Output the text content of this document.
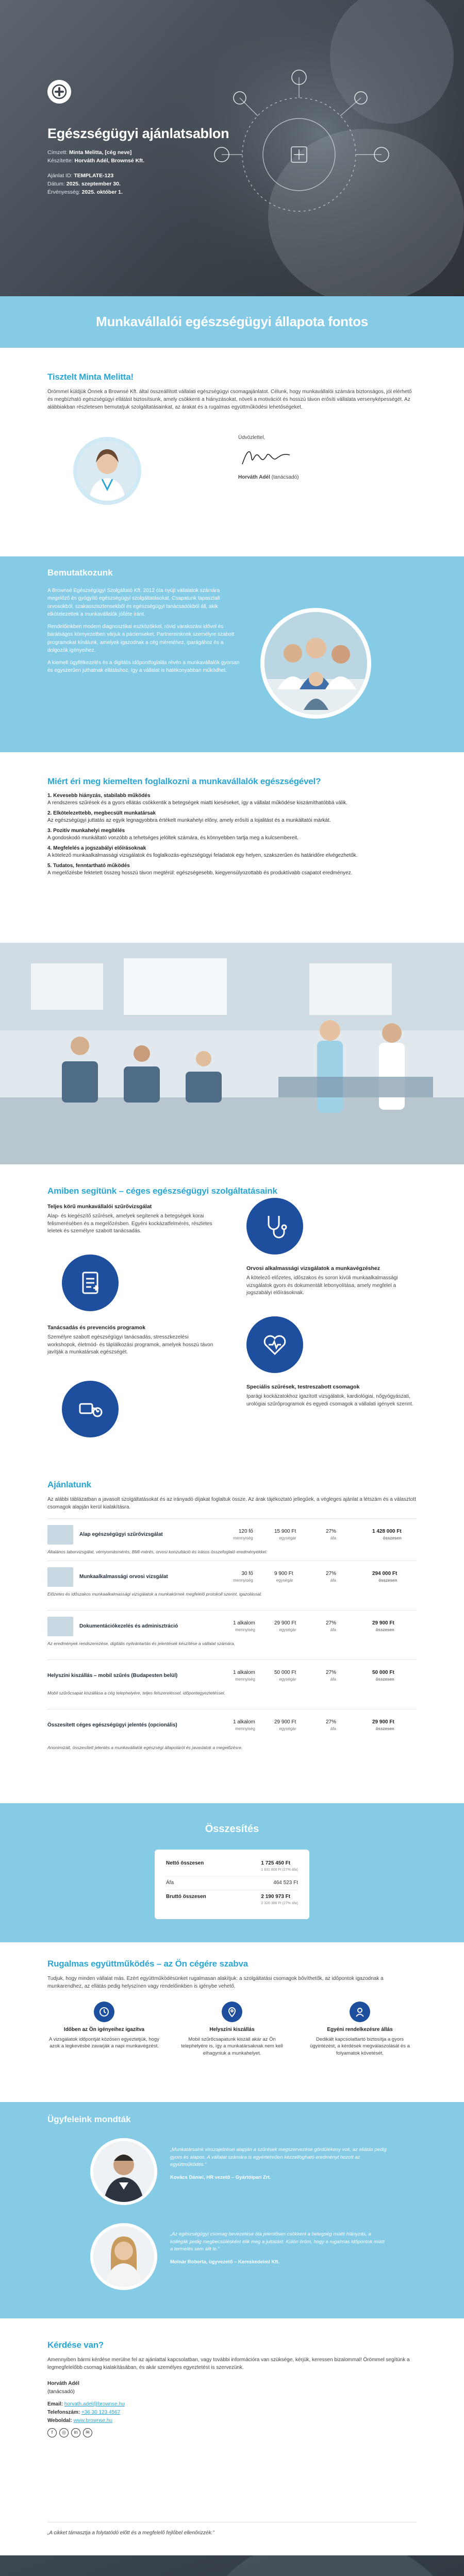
Egészségügyi ajánlatsablon
Címzett: Minta Melitta, [cég neve]
Készítette: Horváth Adél, Brownsé Kft.
Ajánlat ID: TEMPLATE-123
Dátum: 2025. szeptember 30.
Érvényesség: 2025. október 1.
Munkavállalói egészségügyi állapota fontos
Tisztelt Minta Melitta!

Örömmel küldjük Önnek a Brownsé Kft. által összeállított vállalati egészségügyi csomagajánlatot. Célunk, hogy munkavállalói számára biztonságos, jól elérhető és megbízható egészségügyi ellátást biztosítsunk, amely csökkenti a hiányzásokat, növeli a motivációt és hosszú távon erősíti vállalata versenyképességét. Az alábbiakban részletesen bemutatjuk szolgáltatásainkat, az árakat és a rugalmas együttműködési lehetőségeket.

Üdvözlettel,
Horváth Adél (tanácsadó)
Bemutatkozunk

A Brownsé Egészségügyi Szolgáltató Kft. 2012 óta nyújt vállalatok számára megelőző és gyógyító egészségügyi szolgáltatásokat. Csapatunk tapasztalt orvosokból, szakasszisztensekből és egészségügyi tanácsadókból áll, akik elkötelezettek a munkavállalók jólléte iránt.

Rendelőinkben modern diagnosztikai eszközökkel, rövid várakozási idővel és barátságos környezetben várjuk a pácienseket. Partnereinknek személyre szabott programokat kínálunk, amelyek igazodnak a cég méretéhez, iparágához és a dolgozók igényeihez.

A kiemelt ügyfélkezelés és a digitális időpontfoglalás révén a munkavállalók gyorsan és egyszerűen juthatnak ellátáshoz, így a vállalat is hatékonyabban működhet.

Miért éri meg kiemelten foglalkozni a munkavállalók egészségével?
1. Kevesebb hiányzás, stabilabb működés
A rendszeres szűrések és a gyors ellátás csökkentik a betegségek miatti kieséseket, így a vállalat működése kiszámíthatóbbá válik.
2. Elkötelezettebb, megbecsült munkatársak
Az egészségügyi juttatás az egyik legnagyobbra értékelt munkahelyi előny, amely erősíti a lojalitást és a munkáltatói márkát.
3. Pozitív munkahelyi megítélés
A gondoskodó munkáltató vonzóbb a tehetséges jelöltek számára, és könnyebben tartja meg a kulcsembereit.
4. Megfelelés a jogszabályi előírásoknak
A kötelező munkaalkalmassági vizsgálatok és foglalkozás-egészségügyi feladatok egy helyen, szakszerűen és határidőre elvégezhetők.
5. Tudatos, fenntartható működés
A megelőzésbe fektetett összeg hosszú távon megtérül: egészségesebb, kiegyensúlyozottabb és produktívabb csapatot eredményez.
Amiben segítünk – céges egészségügyi szolgáltatásaink
Teljes körű munkavállalói szűrővizsgálat

Alap- és kiegészítő szűrések, amelyek segítenek a betegségek korai felismerésében és a megelőzésben. Egyéni kockázatfelmérés, részletes leletek és személyre szabott tanácsadás.

Orvosi alkalmassági vizsgálatok a munkavégzéshez

A kötelező előzetes, időszakos és soron kívüli munkaalkalmassági vizsgálatok gyors és dokumentált lebonyolítása, amely megfelel a jogszabályi előírásoknak.

Tanácsadás és prevenciós programok

Személyre szabott egészségügyi tanácsadás, stresszkezelési workshopok, életmód- és táplálkozási programok, amelyek hosszú távon javítják a munkatársak egészségét.

Speciális szűrések, testreszabott csomagok

Iparági kockázatokhoz igazított vizsgálatok, kardiológiai, nőgyógyászati, urológiai szűrőprogramok és egyedi csomagok a vállalati igények szerint.

Ajánlatunk

Az alábbi táblázatban a javasolt szolgáltatásokat és az irányadó díjakat foglaltuk össze. Az árak tájékoztató jellegűek, a végleges ajánlat a létszám és a választott csomagok alapján kerül kialakításra.

Alap egészségügyi szűrővizsgálat
120 fő
mennyiség
15 900 Ft
egységár
27%
áfa
1 428 000 Ft
összesen
Általános laborvizsgálat, vérnyomásmérés, BMI-mérés, orvosi konzultáció és írásos összefoglaló eredményekkel.
Munkaalkalmassági orvosi vizsgálat
30 fő
mennyiség
9 900 Ft
egységár
27%
áfa
294 000 Ft
összesen
Előzetes és időszakos munkaalkalmassági vizsgálatok a munkakörnek megfelelő protokoll szerint, igazolással.
Dokumentációkezelés és adminisztráció
1 alkalom
mennyiség
29 900 Ft
egységár
27%
áfa
29 900 Ft
összesen
Az eredmények rendszerezése, digitális nyilvántartás és jelentések készítése a vállalat számára.
Helyszíni kiszállás – mobil szűrés (Budapesten belül)
1 alkalom
mennyiség
50 000 Ft
egységár
27%
áfa
50 000 Ft
összesen
Mobil szűrőcsapat kiszállása a cég telephelyére, teljes felszereléssel, időpontegyeztetéssel.
Összesített céges egészségügyi jelentés (opcionális)
1 alkalom
mennyiség
29 900 Ft
egységár
27%
áfa
29 900 Ft
összesen
Anonimizált, összesített jelentés a munkavállalók egészségi állapotáról és javaslatok a megelőzésre.
Összesítés
Nettó összesen	1 725 450 Ft
1 831 800 Ft (27% áfa)
Áfa	464 523 Ft
Bruttó összesen	2 190 973 Ft
2 326 386 Ft (27% áfa)
Rugalmas együttműködés – az Ön cégére szabva

Tudjuk, hogy minden vállalat más. Ezért együttműködésünket rugalmasan alakítjuk: a szolgáltatási csomagok bővíthetők, az időpontok igazodnak a munkarendhez, az ellátás pedig helyszínen vagy rendelőinkben is igénybe vehető.

Időben az Ön igényeihez igazítva

A vizsgálatok időpontját közösen egyeztetjük, hogy azok a legkevésbé zavarják a napi munkavégzést.

Helyszíni kiszállás

Mobil szűrőcsapatunk kiszáll akár az Ön telephelyére is, így a munkatársaknak nem kell elhagyniuk a munkahelyet.

Egyéni rendelkezésre állás

Dedikált kapcsolattartó biztosítja a gyors ügyintézést, a kérdések megválaszolását és a folyamatok követését.

Ügyfeleink mondták
„Munkatársaink visszajelzései alapján a szűrések megszervezése gördülékeny volt, az ellátás pedig gyors és alapos. A vállalat számára is egyértelműen kézzelfogható eredményt hozott az együttműködés.”
Kovács Dániel, HR vezető – Gyártóipari Zrt.
„Az egészségügyi csomag bevezetése óta jelentősen csökkent a betegség miatti hiányzás, a kollégák pedig megbecsülésként élik meg a juttatást. Külön öröm, hogy a rugalmas időpontok miatt a termelés sem állt le.”
Molnár Roberta, ügyvezető – Kereskedelmi Kft.
Kérdése van?

Amennyiben bármi kérdése merülne fel az ajánlattal kapcsolatban, vagy további információra van szüksége, kérjük, keressen bizalommal! Örömmel segítünk a legmegfelelőbb csomag kialakításában, és akár személyes egyeztetést is szervezünk.

Horváth Adél
(tanácsadó)
Email: horvath.adel@brownse.hu
Telefonszám: +36 30 123 4567
Weboldal: www.brownse.hu
f	◎	in	✉
„A cikket támasztja a folytatódó előtt és a megfelelő fejlőbel ellenőrizzék.”
